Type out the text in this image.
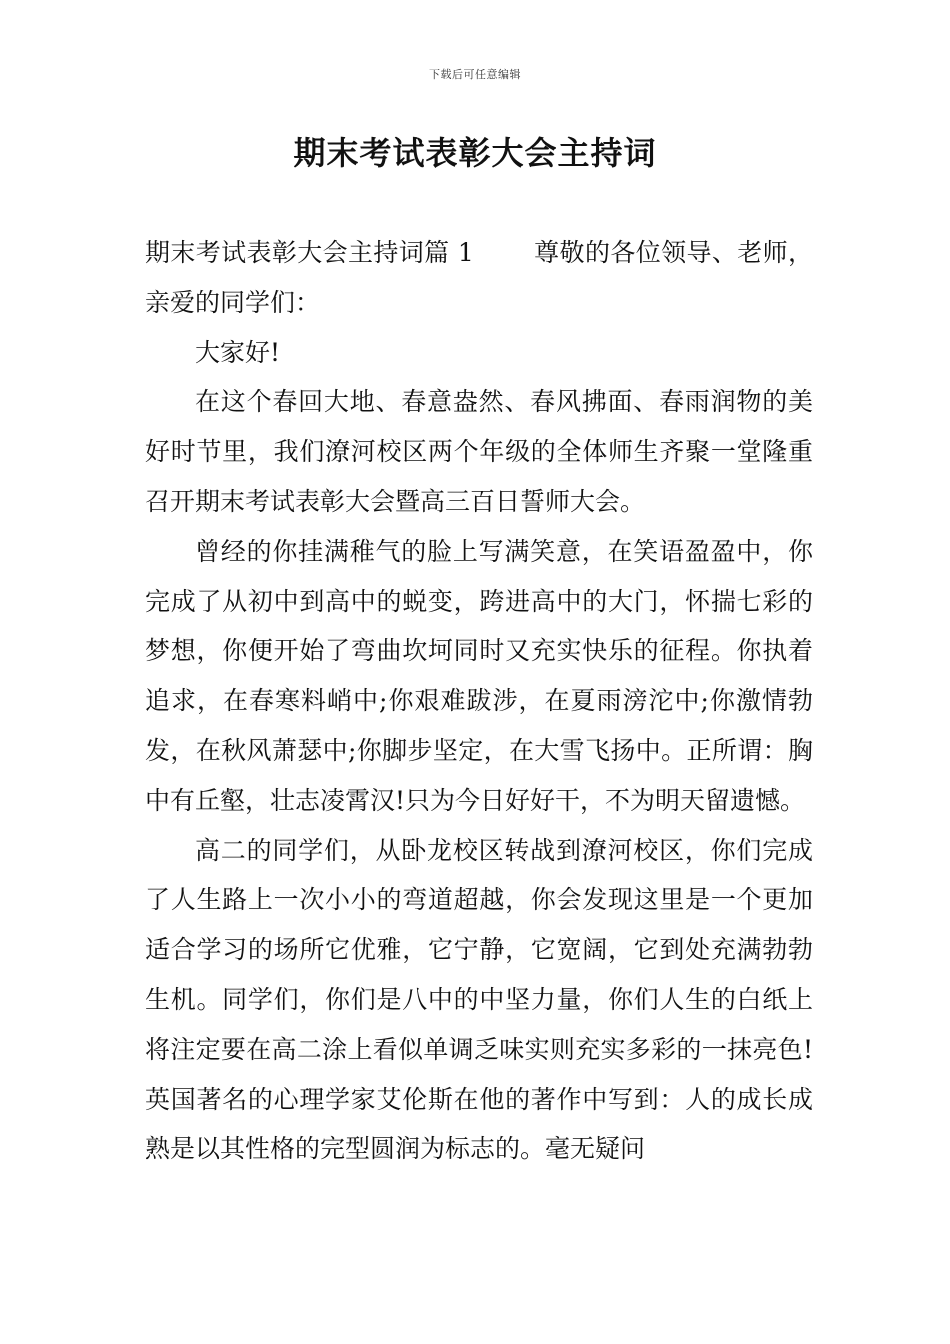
下载后可任意编辑
期末考试表彰大会主持词

期末考试表彰大会主持词篇 1 尊敬的各位领导、老师，亲爱的同学们：

大家好!

在这个春回大地、春意盎然、春风拂面、春雨润物的美好时节里，我们潦河校区两个年级的全体师生齐聚一堂隆重召开期末考试表彰大会暨高三百日誓师大会。

曾经的你挂满稚气的脸上写满笑意，在笑语盈盈中，你完成了从初中到高中的蜕变，跨进高中的大门，怀揣七彩的梦想，你便开始了弯曲坎坷同时又充实快乐的征程。你执着追求，在春寒料峭中;你艰难跋涉，在夏雨滂沱中;你激情勃发，在秋风萧瑟中;你脚步坚定，在大雪飞扬中。正所谓：胸中有丘壑，壮志凌霄汉!只为今日好好干，不为明天留遗憾。

高二的同学们，从卧龙校区转战到潦河校区，你们完成了人生路上一次小小的弯道超越，你会发现这里是一个更加适合学习的场所它优雅，它宁静，它宽阔，它到处充满勃勃生机。同学们，你们是八中的中坚力量，你们人生的白纸上将注定要在高二涂上看似单调乏味实则充实多彩的一抹亮色!英国著名的心理学家艾伦斯在他的著作中写到：人的成长成熟是以其性格的完型圆润为标志的。毫无疑问
